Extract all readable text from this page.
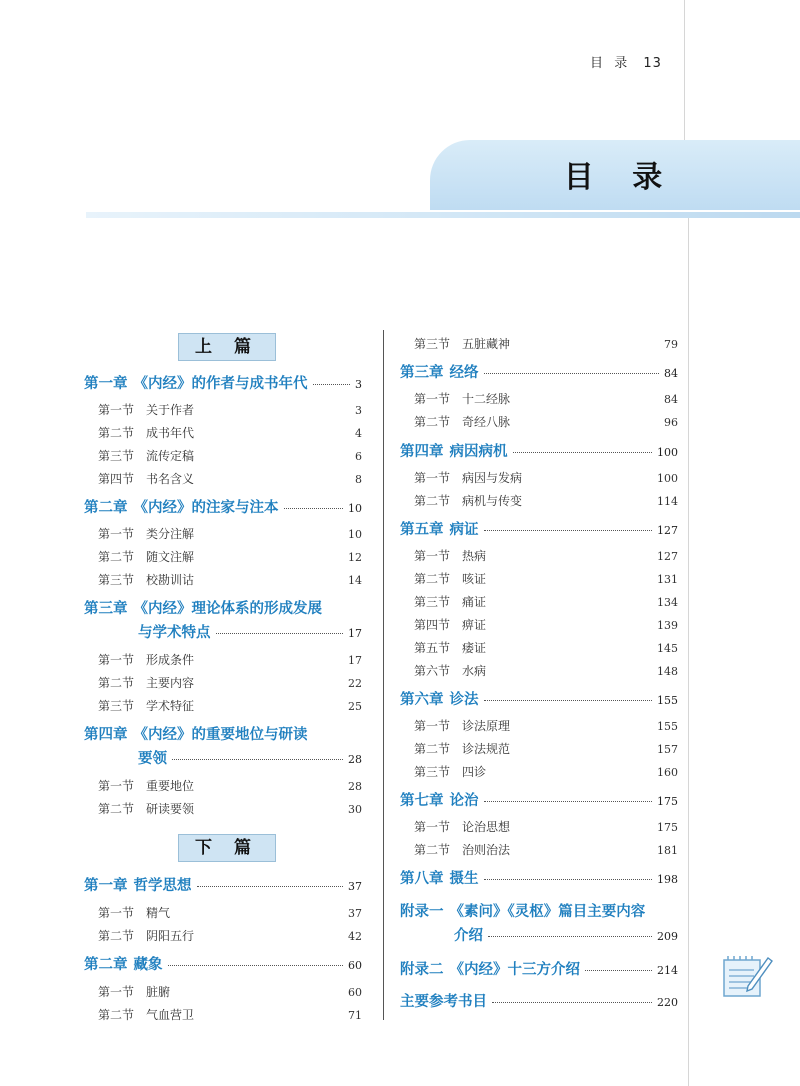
目  录 13
目 录
上 篇
下 篇
第一章 《内经》的作者与成书年代	3
第一节 关于作者	3
第二节 成书年代	4
第三节 流传定稿	6
第四节 书名含义	8
第二章 《内经》的注家与注本	10
第一节 类分注解	10
第二节 随文注解	12
第三节 校勘训诂	14
第三章 《内经》理论体系的形成发展
与学术特点	17
第一节 形成条件	17
第二节 主要内容	22
第三节 学术特征	25
第四章 《内经》的重要地位与研读
要领	28
第一节 重要地位	28
第二节 研读要领	30
第一章 哲学思想	37
第一节 精气	37
第二节 阴阳五行	42
第二章 藏象	60
第一节 脏腑	60
第二节 气血营卫	71
第三节 五脏藏神	79
第三章 经络	84
第一节 十二经脉	84
第二节 奇经八脉	96
第四章 病因病机	100
第一节 病因与发病	100
第二节 病机与传变	114
第五章 病证	127
第一节 热病	127
第二节 咳证	131
第三节 痛证	134
第四节 痹证	139
第五节 痿证	145
第六节 水病	148
第六章 诊法	155
第一节 诊法原理	155
第二节 诊法规范	157
第三节 四诊	160
第七章 论治	175
第一节 论治思想	175
第二节 治则治法	181
第八章 摄生	198
附录一 《素问》《灵枢》篇目主要内容
介绍	209
附录二 《内经》十三方介绍	214
主要参考书目	220
